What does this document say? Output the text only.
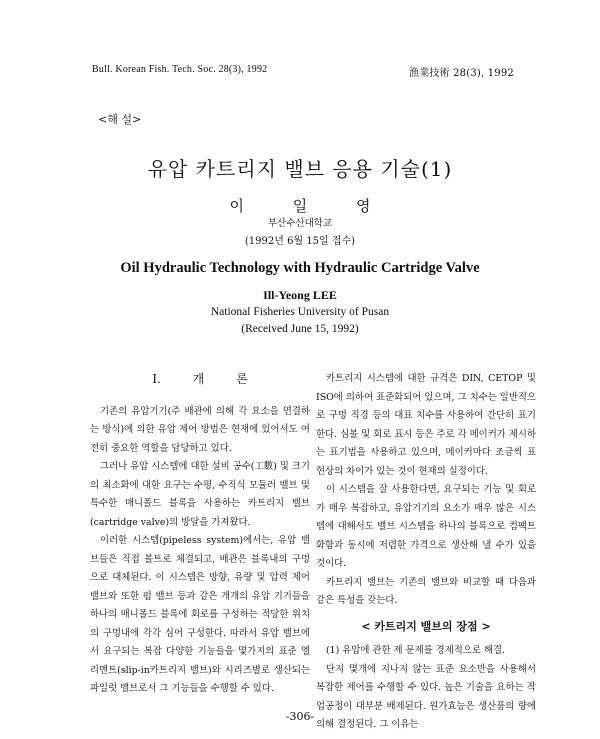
Bull. Korean Fish. Tech. Soc. 28(3), 1992	漁業技術 28(3), 1992
<해 설>
유압 카트리지 밸브 응용 기술(1)
이 일 영
부산수산대학교
(1992년 6월 15일 접수)
Oil Hydraulic Technology with Hydraulic Cartridge Valve
Ill-Yeong LEE
National Fisheries University of Pusan
(Received June 15, 1992)
I. 개 론

기존의 유압기기(주 배관에 의해 각 요소을 연결하는 방식)에 의한 유압 제어 방법은 현재에 있어서도 여전히 중요한 역할을 담당하고 있다.

그러나 유압 시스템에 대한 설비 공수(工數) 및 크기의 최소화에 대한 요구는 수평, 수직식 모듈러 밸브 및 특수한 매니폴드 블록을 사용하는 카트리지 밸브(cartridge valve)의 방달을 가져왔다.

이러한 시스템(pipeless system)에서는, 유압 밸브들은 직접 볼트로 체결되고, 배관은 블록내의 구멍으로 대체된다. 이 시스템은 방향, 유량 및 압력 제어 밸브와 또한 펌 밸브 등과 같은 개개의 유압 기기들을 하나의 매니폴드 블록에 회로를 구성하는 적당한 위치의 구멍내에 각각 심어 구성한다. 따라서 유압 밸브에서 요구되는 복잡 다양한 기능들을 몇가지의 표준 엘리멘트(slip-in카트리지 밸브)와 시리즈별로 생산되는 파일럿 밸브로서 그 기능들을 수행할 수 있다.

카트리지 시스템에 대한 규격은 DIN, CETOP 및 ISO에 의하여 표준화되어 있으며, 그 치수는 일반적으로 구멍 직경 등의 대표 치수를 사용하여 간단히 표기한다. 심볼 및 회로 표시 등은 주로 각 메이커가 제시하는 표기법을 사용하고 있으며, 메이커마다 조금씩 표현상의 차이가 있는 것이 현재의 실정이다.

이 시스템을 잘 사용한다면, 요구되는 기능 및 회로가 매우 복잡하고, 유압기기의 요소가 매우 많은 시스템에 대해서도 밸브 시스템을 하나의 블록으로 컴팩트화함과 동시에 저렴한 가격으로 생산해 낼 수가 있을 것이다.

카트리지 밸브는 기존의 밸브와 비교할 때 다음과 같은 특성을 갖는다.

< 카트리지 밸브의 장점 >

(1) 유압에 관한 제 문제를 경제적으로 해결.

단지 몇개에 지나지 않는 표준 요소만을 사용해서 복잡한 제어를 수행할 수 있다. 높은 기술을 요하는 작업공정이 대부분 배제된다. 원가효능은 생산품의 량에 의해 결정된다. 그 이유는

-306-
